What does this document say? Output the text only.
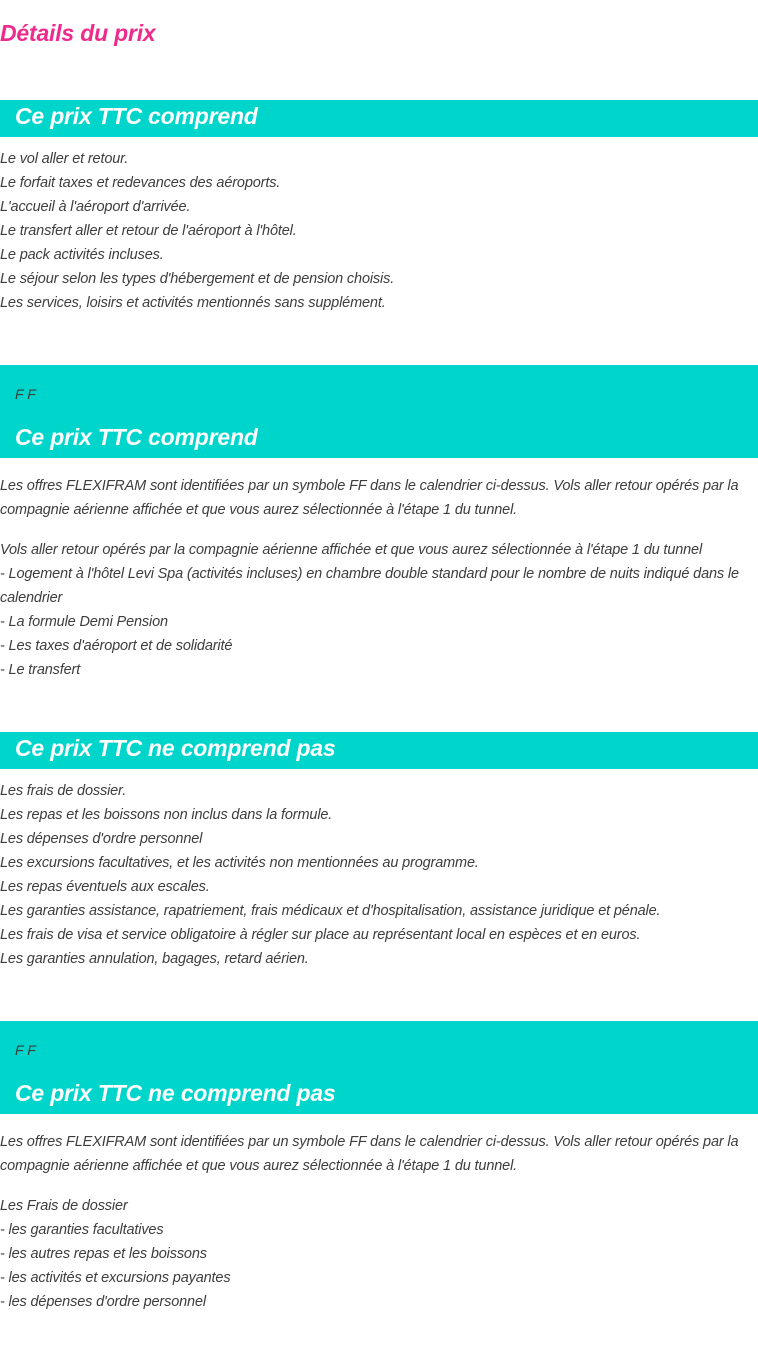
Détails du prix
Ce prix TTC comprend
Le vol aller et retour.
Le forfait taxes et redevances des aéroports.
L'accueil à l'aéroport d'arrivée.
Le transfert aller et retour de l'aéroport à l'hôtel.
Le pack activités incluses.
Le séjour selon les types d'hébergement et de pension choisis.
Les services, loisirs et activités mentionnés sans supplément.
F F
Ce prix TTC comprend

Les offres FLEXIFRAM sont identifiées par un symbole FF dans le calendrier ci-dessus. Vols aller retour opérés par la compagnie aérienne affichée et que vous aurez sélectionnée à l'étape 1 du tunnel.

Vols aller retour opérés par la compagnie aérienne affichée et que vous aurez sélectionnée à l'étape 1 du tunnel
- Logement à l'hôtel Levi Spa (activités incluses) en chambre double standard pour le nombre de nuits indiqué dans le calendrier
- La formule Demi Pension
- Les taxes d'aéroport et de solidarité
- Le transfert
Ce prix TTC ne comprend pas
Les frais de dossier.
Les repas et les boissons non inclus dans la formule.
Les dépenses d'ordre personnel
Les excursions facultatives, et les activités non mentionnées au programme.
Les repas éventuels aux escales.
Les garanties assistance, rapatriement, frais médicaux et d'hospitalisation, assistance juridique et pénale.
Les frais de visa et service obligatoire à régler sur place au représentant local en espèces et en euros.
Les garanties annulation, bagages, retard aérien.
F F
Ce prix TTC ne comprend pas

Les offres FLEXIFRAM sont identifiées par un symbole FF dans le calendrier ci-dessus. Vols aller retour opérés par la compagnie aérienne affichée et que vous aurez sélectionnée à l'étape 1 du tunnel.

Les Frais de dossier
- les garanties facultatives
- les autres repas et les boissons
- les activités et excursions payantes
- les dépenses d'ordre personnel
